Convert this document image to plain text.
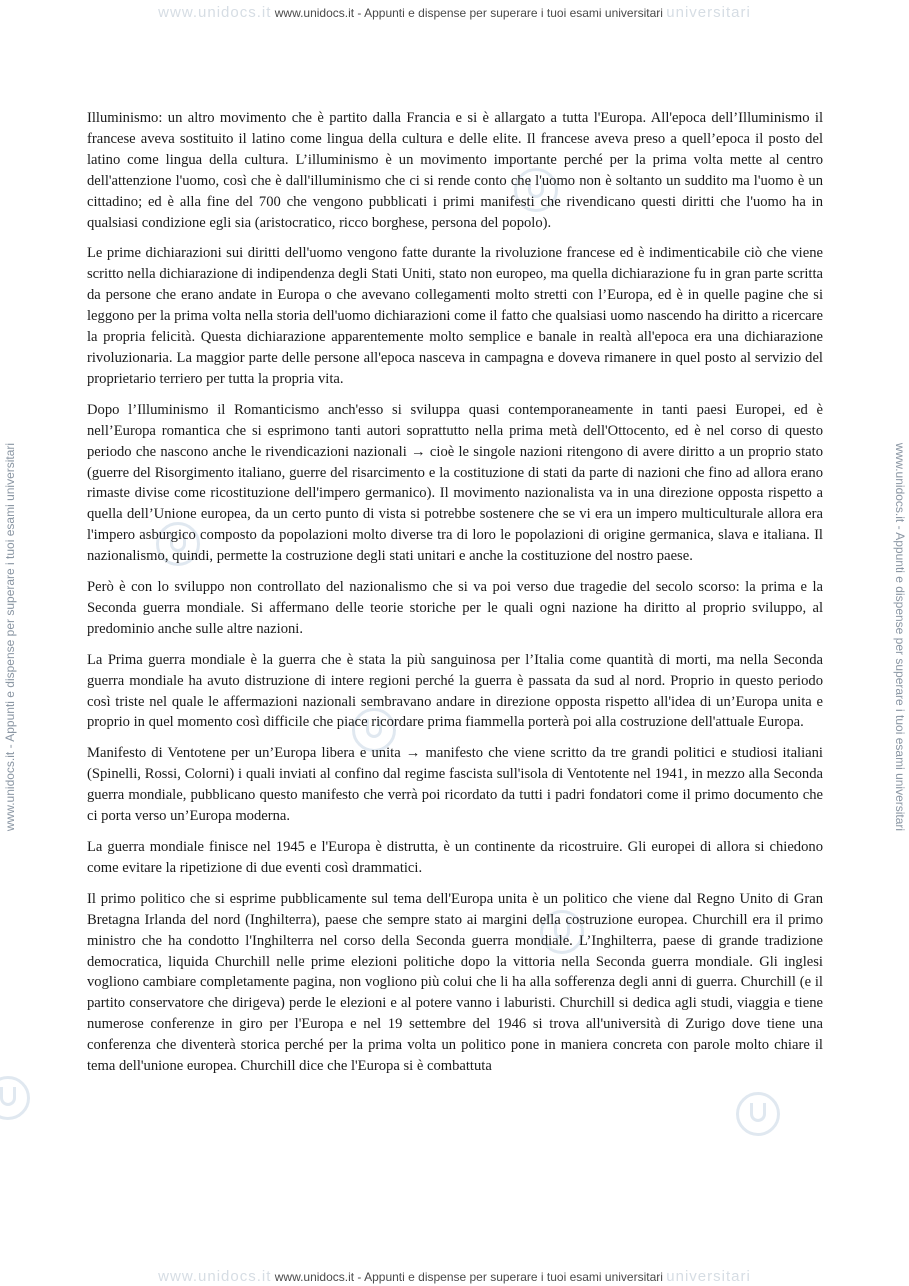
www.unidocs.it www.unidocs.it - Appunti e dispense per superare i tuoi esami universitari universitari
www.unidocs.it - Appunti e dispense per superare i tuoi esami universitari	www.unidocs.it - Appunti e dispense per superare i tuoi esami universitari

Illuminismo: un altro movimento che è partito dalla Francia e si è allargato a tutta l'Europa. All'epoca dell’Illuminismo il francese aveva sostituito il latino come lingua della cultura e delle elite. Il francese aveva preso a quell’epoca il posto del latino come lingua della cultura. L’illuminismo è un movimento importante perché per la prima volta mette al centro dell'attenzione l'uomo, così che è dall'illuminismo che ci si rende conto che l'uomo non è soltanto un suddito ma l'uomo è un cittadino; ed è alla fine del 700 che vengono pubblicati i primi manifesti che rivendicano questi diritti che l'uomo ha in qualsiasi condizione egli sia (aristocratico, ricco borghese, persona del popolo).

Le prime dichiarazioni sui diritti dell'uomo vengono fatte durante la rivoluzione francese ed è indimenticabile ciò che viene scritto nella dichiarazione di indipendenza degli Stati Uniti, stato non europeo, ma quella dichiarazione fu in gran parte scritta da persone che erano andate in Europa o che avevano collegamenti molto stretti con l’Europa, ed è in quelle pagine che si leggono per la prima volta nella storia dell'uomo dichiarazioni come il fatto che qualsiasi uomo nascendo ha diritto a ricercare la propria felicità. Questa dichiarazione apparentemente molto semplice e banale in realtà all'epoca era una dichiarazione rivoluzionaria. La maggior parte delle persone all'epoca nasceva in campagna e doveva rimanere in quel posto al servizio del proprietario terriero per tutta la propria vita.

Dopo l’Illuminismo il Romanticismo anch'esso si sviluppa quasi contemporaneamente in tanti paesi Europei, ed è nell’Europa romantica che si esprimono tanti autori soprattutto nella prima metà dell'Ottocento, ed è nel corso di questo periodo che nascono anche le rivendicazioni nazionali → cioè le singole nazioni ritengono di avere diritto a un proprio stato (guerre del Risorgimento italiano, guerre del risarcimento e la costituzione di stati da parte di nazioni che fino ad allora erano rimaste divise come ricostituzione dell'impero germanico). Il movimento nazionalista va in una direzione opposta rispetto a quella dell’Unione europea, da un certo punto di vista si potrebbe sostenere che se vi era un impero multiculturale allora era l'impero asburgico composto da popolazioni molto diverse tra di loro le popolazioni di origine germanica, slava e italiana. Il nazionalismo, quindi, permette la costruzione degli stati unitari e anche la costituzione del nostro paese.

Però è con lo sviluppo non controllato del nazionalismo che si va poi verso due tragedie del secolo scorso: la prima e la Seconda guerra mondiale. Si affermano delle teorie storiche per le quali ogni nazione ha diritto al proprio sviluppo, al predominio anche sulle altre nazioni.

La Prima guerra mondiale è la guerra che è stata la più sanguinosa per l’Italia come quantità di morti, ma nella Seconda guerra mondiale ha avuto distruzione di intere regioni perché la guerra è passata da sud al nord. Proprio in questo periodo così triste nel quale le affermazioni nazionali sembravano andare in direzione opposta rispetto all'idea di un’Europa unita e proprio in quel momento così difficile che piace ricordare prima fiammella porterà poi alla costruzione dell'attuale Europa.

Manifesto di Ventotene per un’Europa libera e unita → manifesto che viene scritto da tre grandi politici e studiosi italiani (Spinelli, Rossi, Colorni) i quali inviati al confino dal regime fascista sull'isola di Ventotente nel 1941, in mezzo alla Seconda guerra mondiale, pubblicano questo manifesto che verrà poi ricordato da tutti i padri fondatori come il primo documento che ci porta verso un’Europa moderna.

La guerra mondiale finisce nel 1945 e l'Europa è distrutta, è un continente da ricostruire. Gli europei di allora si chiedono come evitare la ripetizione di due eventi così drammatici.

Il primo politico che si esprime pubblicamente sul tema dell'Europa unita è un politico che viene dal Regno Unito di Gran Bretagna Irlanda del nord (Inghilterra), paese che sempre stato ai margini della costruzione europea. Churchill era il primo ministro che ha condotto l'Inghilterra nel corso della Seconda guerra mondiale. L’Inghilterra, paese di grande tradizione democratica, liquida Churchill nelle prime elezioni politiche dopo la vittoria nella Seconda guerra mondiale. Gli inglesi vogliono cambiare completamente pagina, non vogliono più colui che li ha alla sofferenza degli anni di guerra. Churchill (e il partito conservatore che dirigeva) perde le elezioni e al potere vanno i laburisti. Churchill si dedica agli studi, viaggia e tiene numerose conferenze in giro per l'Europa e nel 19 settembre del 1946 si trova all'università di Zurigo dove tiene una conferenza che diventerà storica perché per la prima volta un politico pone in maniera concreta con parole molto chiare il tema dell'unione europea. Churchill dice che l'Europa si è combattuta

www.unidocs.it www.unidocs.it - Appunti e dispense per superare i tuoi esami universitari universitari
